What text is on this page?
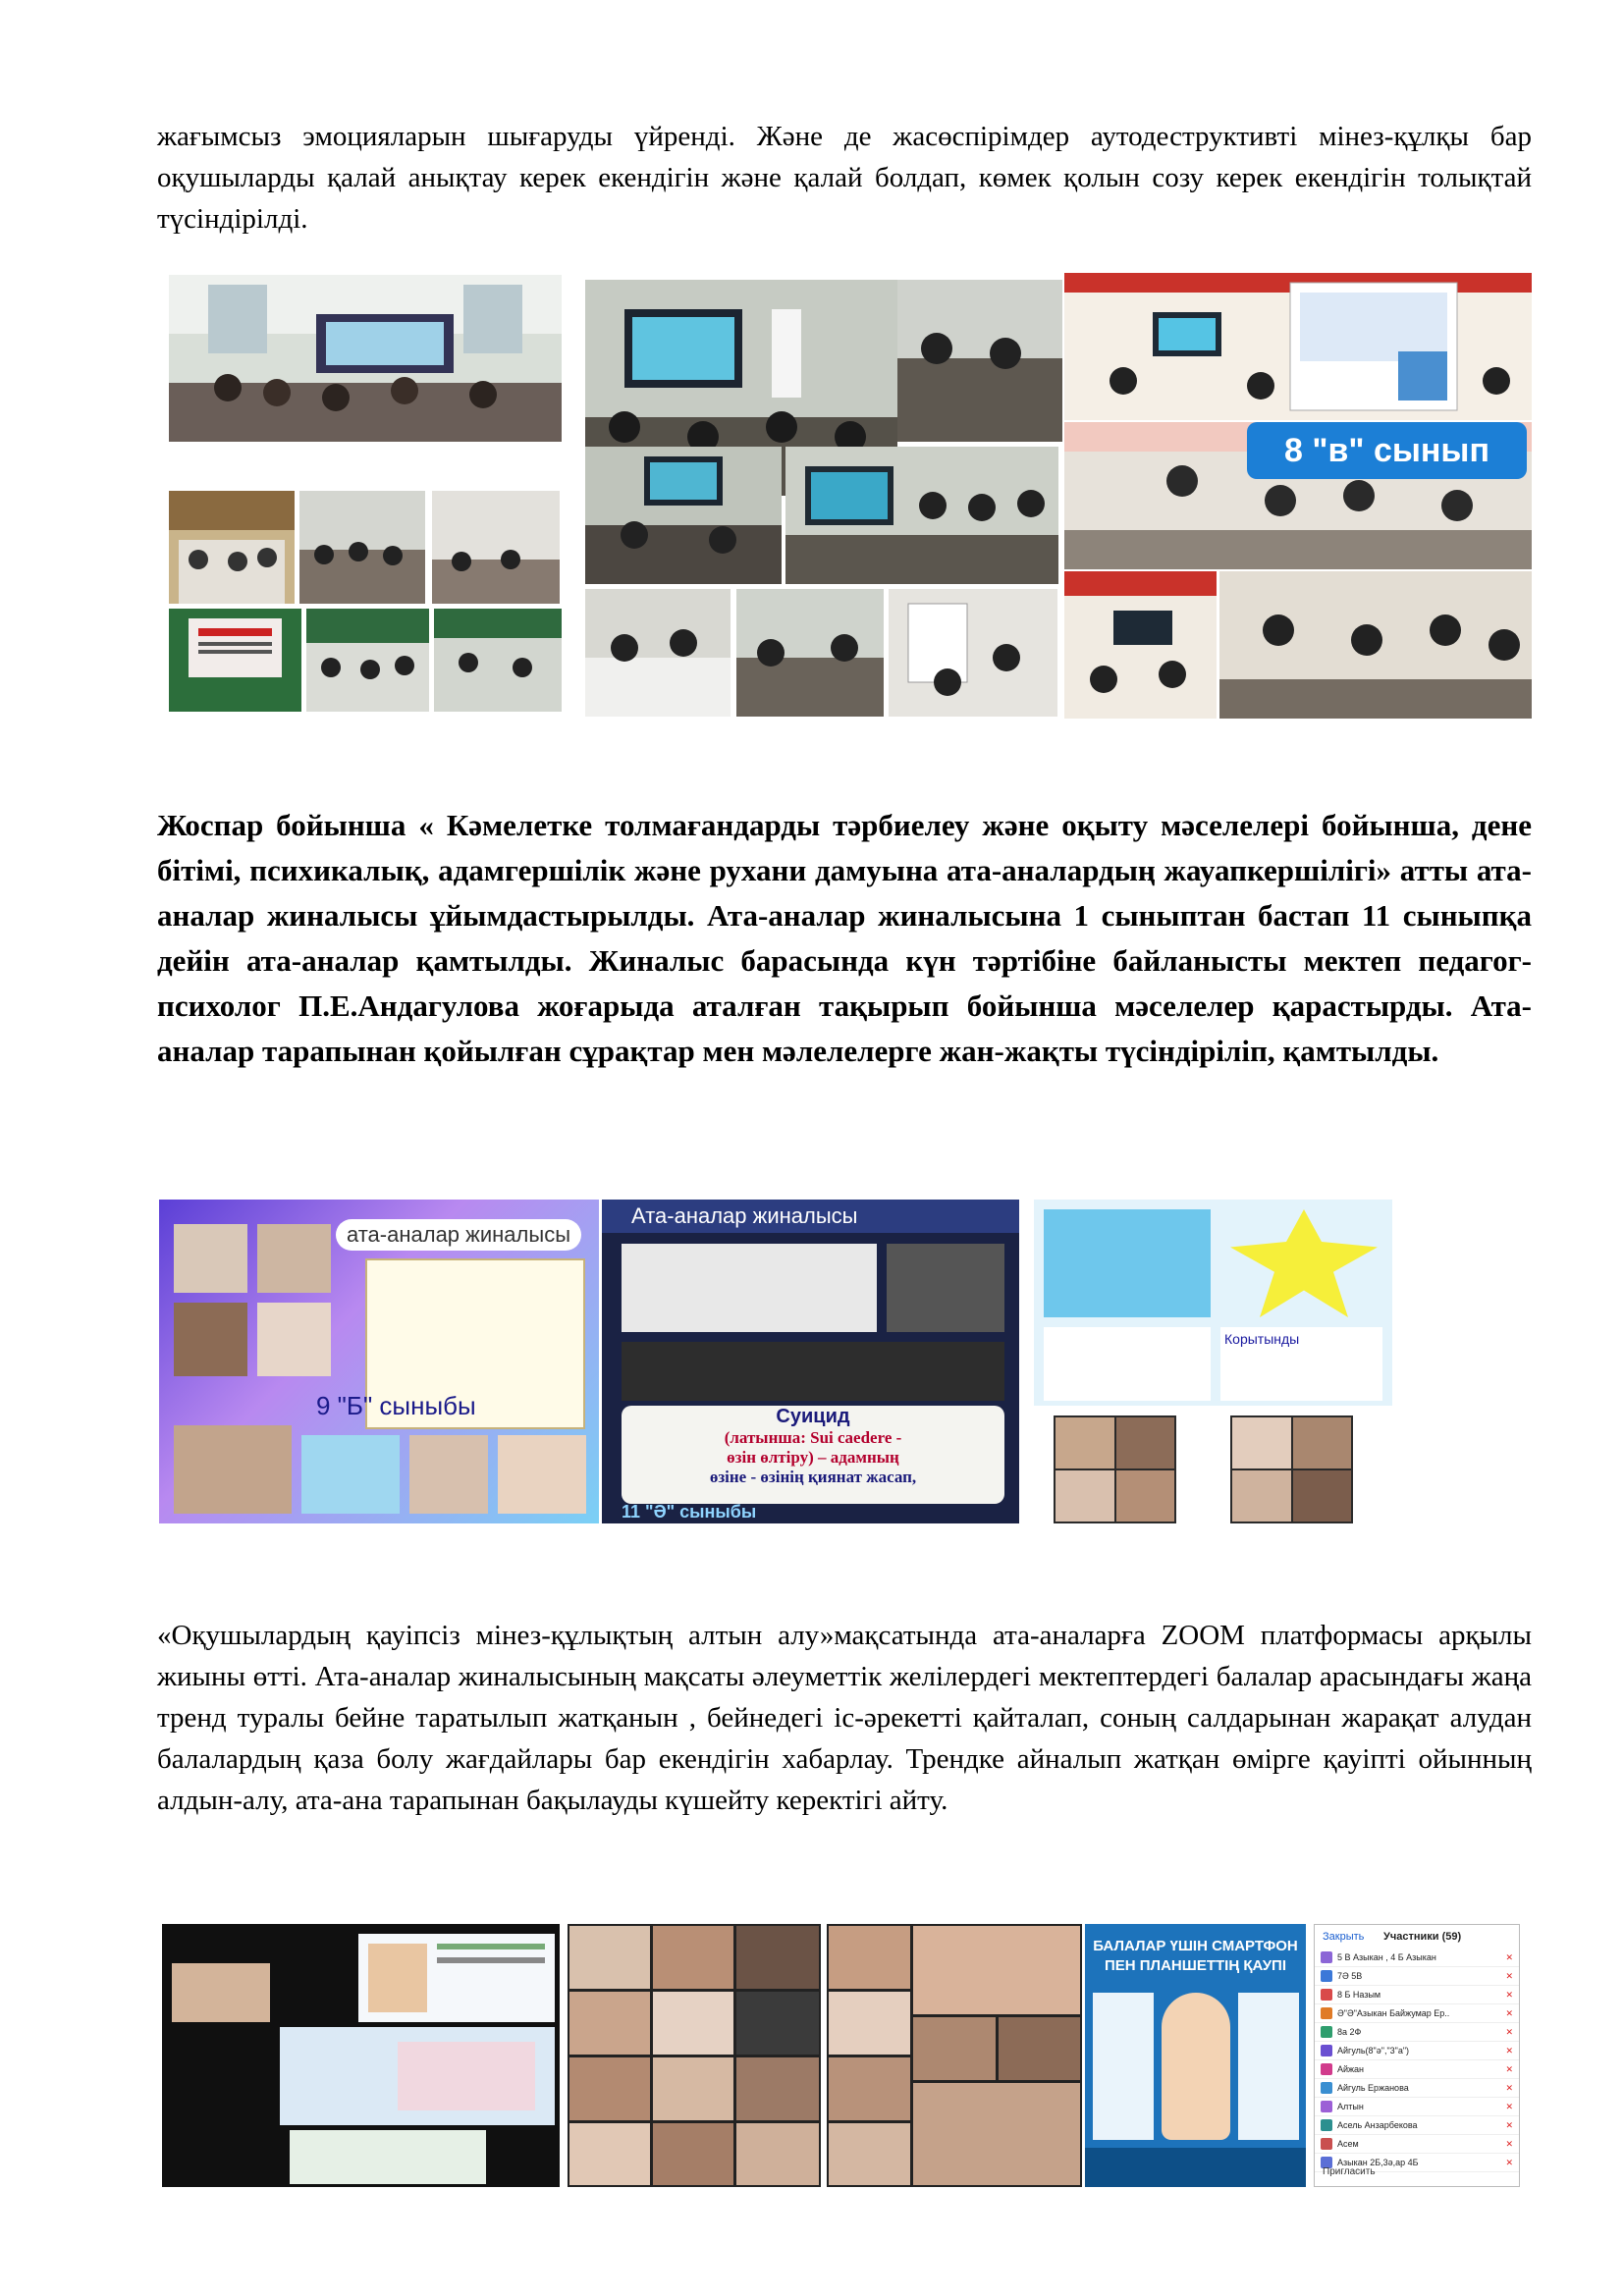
жағымсыз эмоцияларын шығаруды үйренді. Және де жасөспірімдер аутодеструктивті мінез-құлқы бар оқушыларды қалай анықтау керек екендігін және қалай болдап, көмек қолын созу керек екендігін толықтай түсіндірілді.

8 "в" сынып

Жоспар бойынша « Кәмелетке толмағандарды тәрбиелеу және оқыту мәселелері бойынша, дене бітімі, психикалық, адамгершілік және рухани дамуына ата-аналардың жауапкершілігі» атты ата-аналар жиналысы ұйымдастырылды. Ата-аналар жиналысына 1 сыныптан бастап 11 сыныпқа дейін ата-аналар қамтылды. Жиналыс барасында күн тәртібіне байланысты мектеп педагог-психолог П.Е.Андагулова жоғарыда аталған тақырып бойынша мәселелер қарастырды. Ата-аналар тарапынан қойылған сұрақтар мен мәлелелерге жан-жақты түсіндіріліп, қамтылды.

ата-аналар жиналысы
9 "Б" сыныбы
Ата-аналар жиналысы
Суицид
(латынша: Sui caedere -
өзін өлтіру) – адамның
өзіне - өзінің қиянат жасап,
11 "Ә" сыныбы
Корытынды

«Оқушылардың қауіпсіз мінез-құлықтың алтын алу»мақсатында ата-аналарға ZOOM платформасы арқылы жиыны өтті. Ата-аналар жиналысының мақсаты әлеуметтік желілердегі мектептердегі балалар арасындағы жаңа тренд туралы бейне таратылып жатқанын , бейнедегі іс-әрекетті қайталап, соның салдарынан жарақат алудан балалардың қаза болу жағдайлары бар екендігін хабарлау. Трендке айналып жатқан өмірге қауіпті ойынның алдын-алу, ата-ана тарапынан бақылауды күшейту керектігі айту.

БАЛАЛАР ҮШІН СМАРТФОН
ПЕН ПЛАНШЕТТІҢ ҚАУПІ
Закрыть Участники (59)
5 В Азыкан , 4 Б Азыкан	✕
7Ә 5В	✕
8 Б Назым	✕
Ә"Ә"Азыкан Байжумар Ер..	✕
8а 2Ф	✕
Айгуль(8"ә","3"а")	✕
Айжан	✕
Айгуль Ержанова	✕
Алтын	✕
Асель Анзарбекова	✕
Асем	✕
Азыкан 2Б,3ә,ар 4Б	✕
Пригласить
